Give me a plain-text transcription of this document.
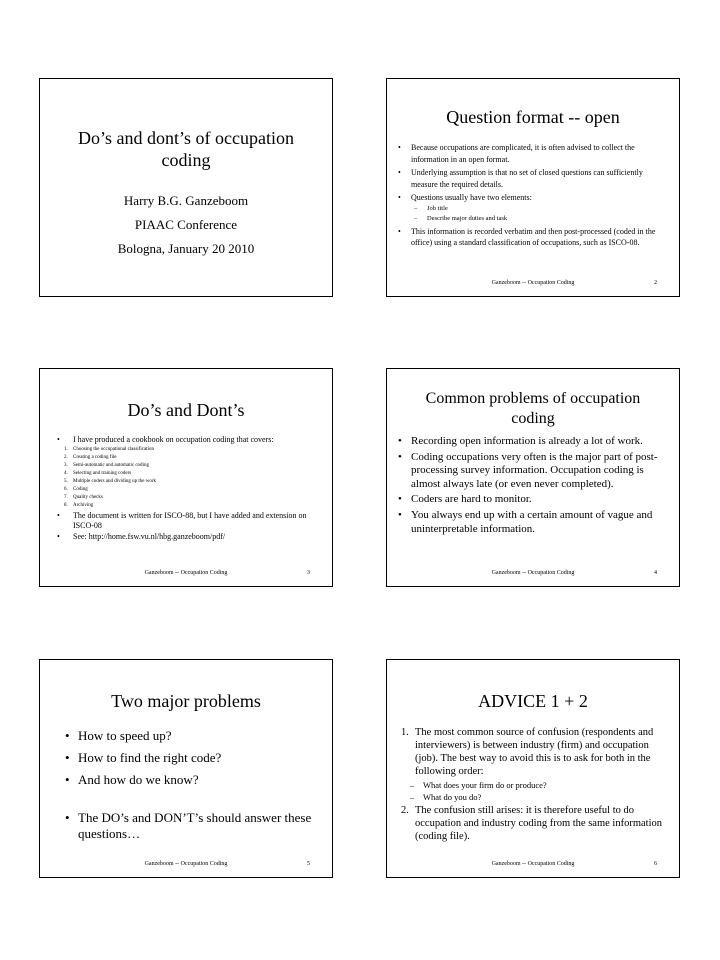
Do’s and dont’s of occupation
coding
Harry B.G. Ganzeboom
PIAAC Conference
Bologna, January 20 2010
Question format -- open
• Because occupations are complicated, it is often advised to collect the information in an open format.
• Underlying assumption is that no set of closed questions can sufficiently measure the required details.
• Questions usually have two elements:
– Job title
– Describe major duties and task
• This information is recorded verbatim and then post-processed (coded in the office) using a standard classification of occupations, such as ISCO-08.
Ganzeboom -- Occupation Coding	2
Do’s and Dont’s
• I have produced a cookbook on occupation coding that covers:
1. Choosing the occupational classification
2. Creating a coding file
3. Semi-automatic and automatic coding
4. Selecting and training coders
5. Multiple coders and dividing up the work
6. Coding
7. Quality checks
8. Archiving
• The document is written for ISCO-88, but I have added and extension on ISCO-08
• See: http://home.fsw.vu.nl/hbg.ganzeboom/pdf/
Ganzeboom -- Occupation Coding	3
Common problems of occupation
coding
• Recording open information is already a lot of work.
• Coding occupations very often is the major part of post-processing survey information. Occupation coding is almost always late (or even never completed).
• Coders are hard to monitor.
• You always end up with a certain amount of vague and uninterpretable information.
Ganzeboom -- Occupation Coding	4
Two major problems
• How to speed up?
• How to find the right code?
• And how do we know?
• The DO’s and DON’T’s should answer these questions…
Ganzeboom -- Occupation Coding	5
ADVICE 1 + 2
1. The most common source of confusion (respondents and interviewers) is between industry (firm) and occupation (job). The best way to avoid this is to ask for both in the following order:
– What does your firm do or produce?
– What do you do?
2. The confusion still arises: it is therefore useful to do occupation and industry coding from the same information (coding file).
Ganzeboom -- Occupation Coding	6
